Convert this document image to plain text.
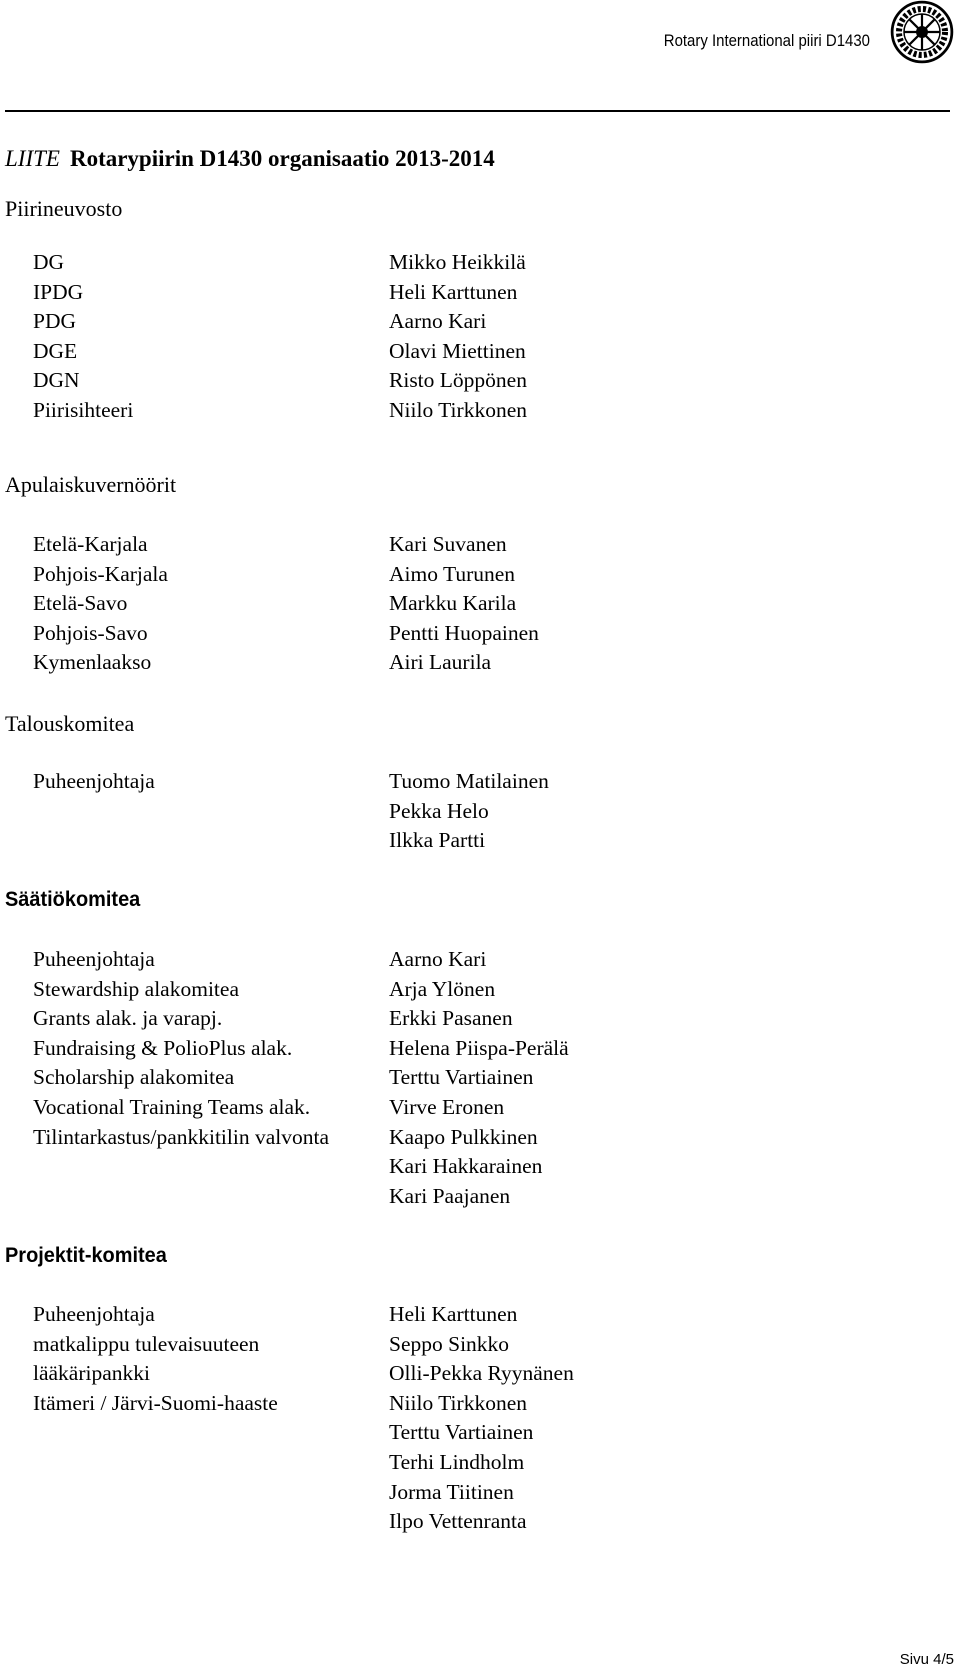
Rotary International piiri D1430
LIITE Rotarypiirin D1430 organisaatio 2013-2014
Piirineuvosto
DG
IPDG
PDG
DGE
DGN
Piirisihteeri
Mikko Heikkilä
Heli Karttunen
Aarno Kari
Olavi Miettinen
Risto Löppönen
Niilo Tirkkonen
Apulaiskuvernöörit
Etelä-Karjala
Pohjois-Karjala
Etelä-Savo
Pohjois-Savo
Kymenlaakso
Kari Suvanen
Aimo Turunen
Markku Karila
Pentti Huopainen
Airi Laurila
Talouskomitea
Puheenjohtaja	Tuomo Matilainen
Pekka Helo
Ilkka Partti
Säätiökomitea
Puheenjohtaja
Stewardship alakomitea
Grants alak. ja varapj.
Fundraising & PolioPlus alak.
Scholarship alakomitea
Vocational Training Teams alak.
Tilintarkastus/pankkitilin valvonta
Aarno Kari
Arja Ylönen
Erkki Pasanen
Helena Piispa-Perälä
Terttu Vartiainen
Virve Eronen
Kaapo Pulkkinen
Kari Hakkarainen
Kari Paajanen
Projektit-komitea
Puheenjohtaja
matkalippu tulevaisuuteen
lääkäripankki
Itämeri / Järvi-Suomi-haaste
Heli Karttunen
Seppo Sinkko
Olli-Pekka Ryynänen
Niilo Tirkkonen
Terttu Vartiainen
Terhi Lindholm
Jorma Tiitinen
Ilpo Vettenranta
Sivu 4/5
